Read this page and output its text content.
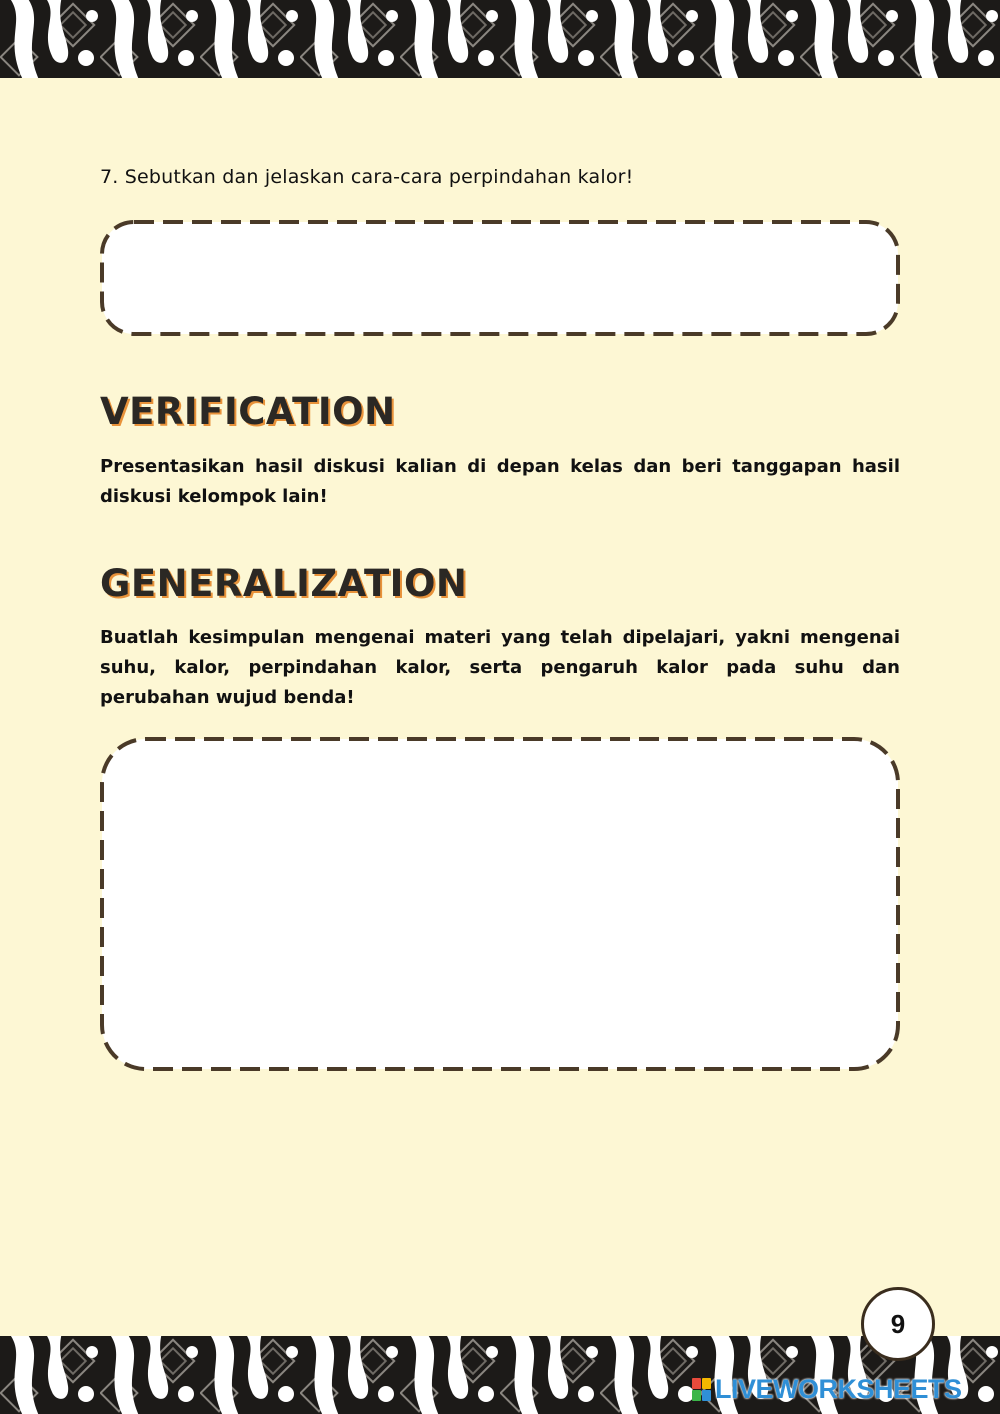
7. Sebutkan dan jelaskan cara-cara perpindahan kalor!
VERIFICATION

Presentasikan hasil diskusi kalian di depan kelas dan beri tanggapan hasil diskusi kelompok lain!

GENERALIZATION

Buatlah kesimpulan mengenai materi yang telah dipelajari, yakni mengenai suhu, kalor, perpindahan kalor, serta pengaruh kalor pada suhu dan perubahan wujud benda!

9
LIVEWORKSHEETS
